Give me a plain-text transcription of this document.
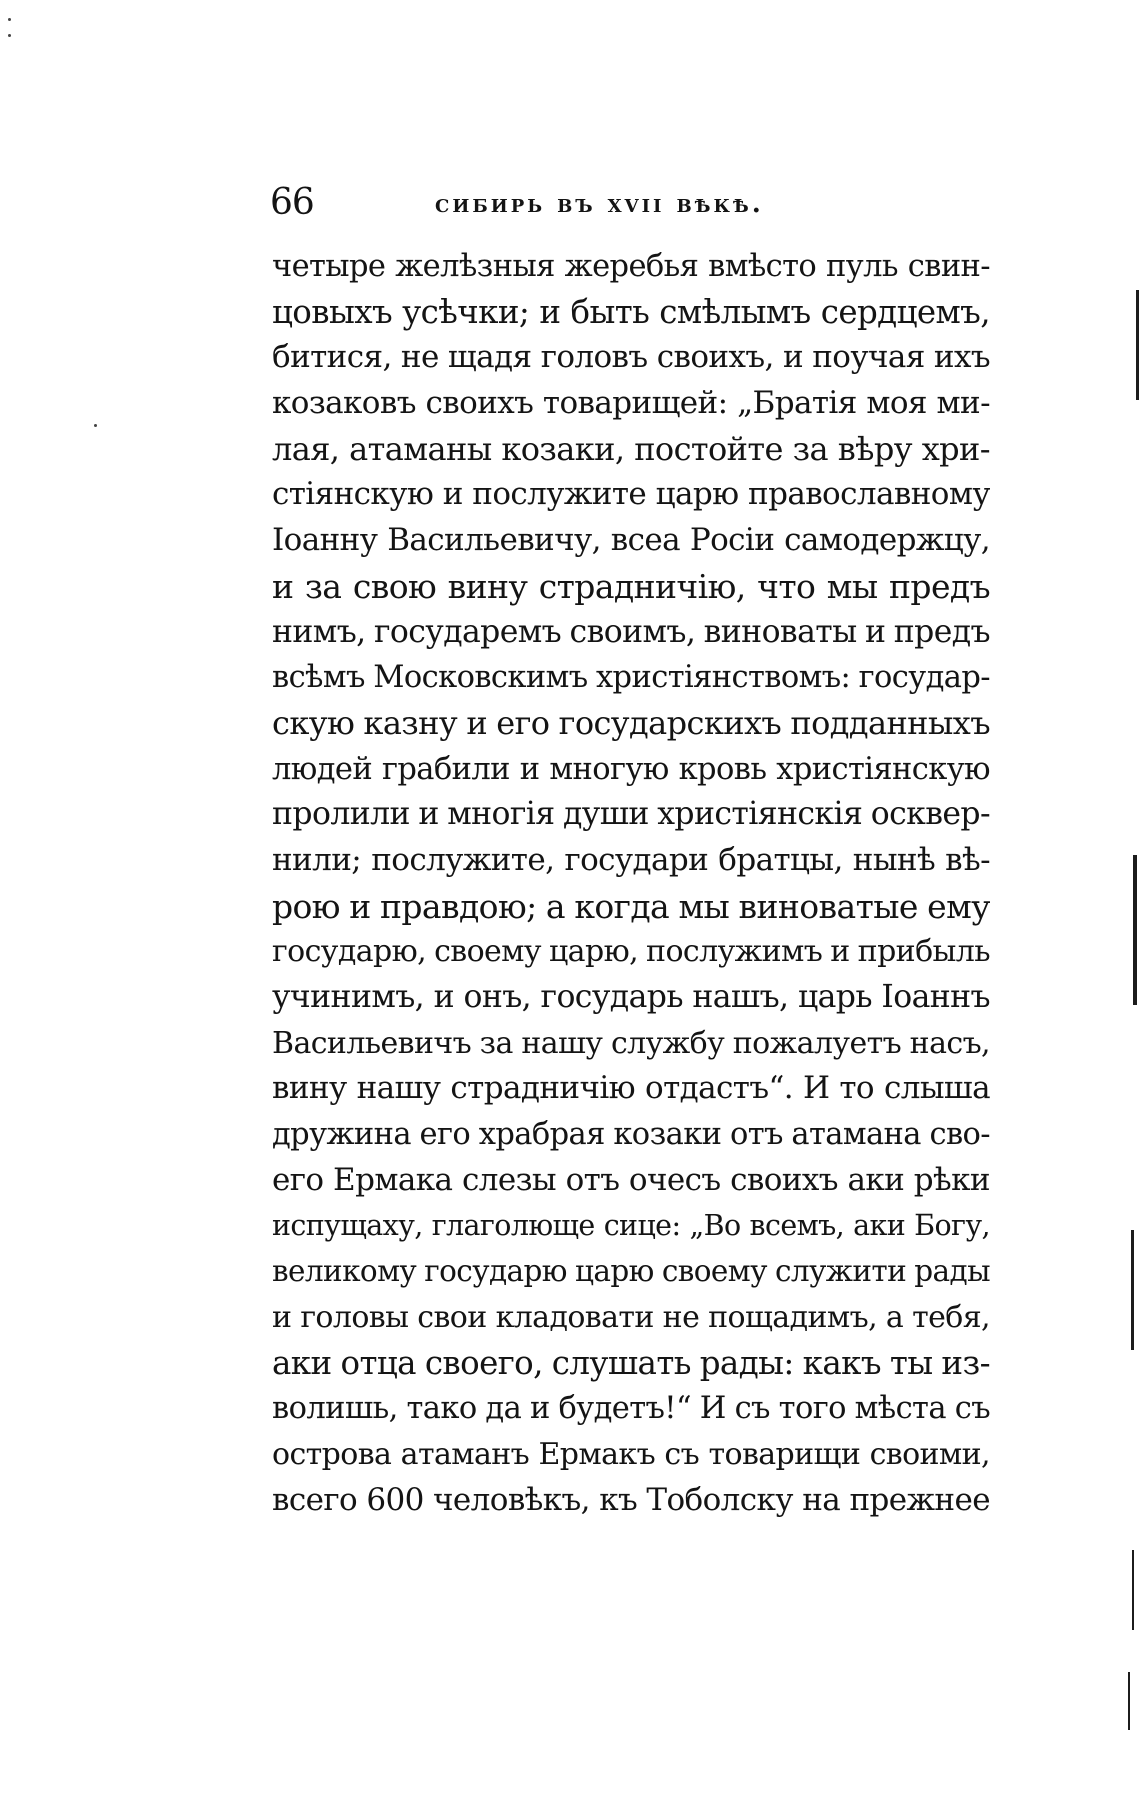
66	сибирь въ xvii вѣкѣ.
четыре желѣзныя жеребья вмѣсто пуль свин-
цовыхъ усѣчки; и быть смѣлымъ сердцемъ,
битися, не щадя головъ своихъ, и поучая ихъ
козаковъ своихъ товарищей: „Братія моя ми-
лая, атаманы козаки, постойте за вѣру хри-
стіянскую и послужите царю православному
Іоанну Васильевичу, всеа Росіи самодержцу,
и за свою вину страдничію, что мы предъ
нимъ, государемъ своимъ, виноваты и предъ
всѣмъ Московскимъ христіянствомъ: государ-
скую казну и его государскихъ подданныхъ
людей грабили и многую кровь христіянскую
пролили и многія души христіянскія осквер-
нили; послужите, государи братцы, нынѣ вѣ-
рою и правдою; а когда мы виноватые ему
государю, своему царю, послужимъ и прибыль
учинимъ, и онъ, государь нашъ, царь Іоаннъ
Васильевичъ за нашу службу пожалуетъ насъ,
вину нашу страдничію отдастъ“. И то слыша
дружина его храбрая козаки отъ атамана сво-
его Ермака слезы отъ очесъ своихъ аки рѣки
испущаху, глаголюще сице: „Во всемъ, аки Богу,
великому государю царю своему служити рады
и головы свои кладовати не пощадимъ, а тебя,
аки отца своего, слушать рады: какъ ты из-
волишь, тако да и будетъ!“ И съ того мѣста съ
острова атаманъ Ермакъ съ товарищи своими,
всего 600 человѣкъ, къ Тоболску на прежнее
